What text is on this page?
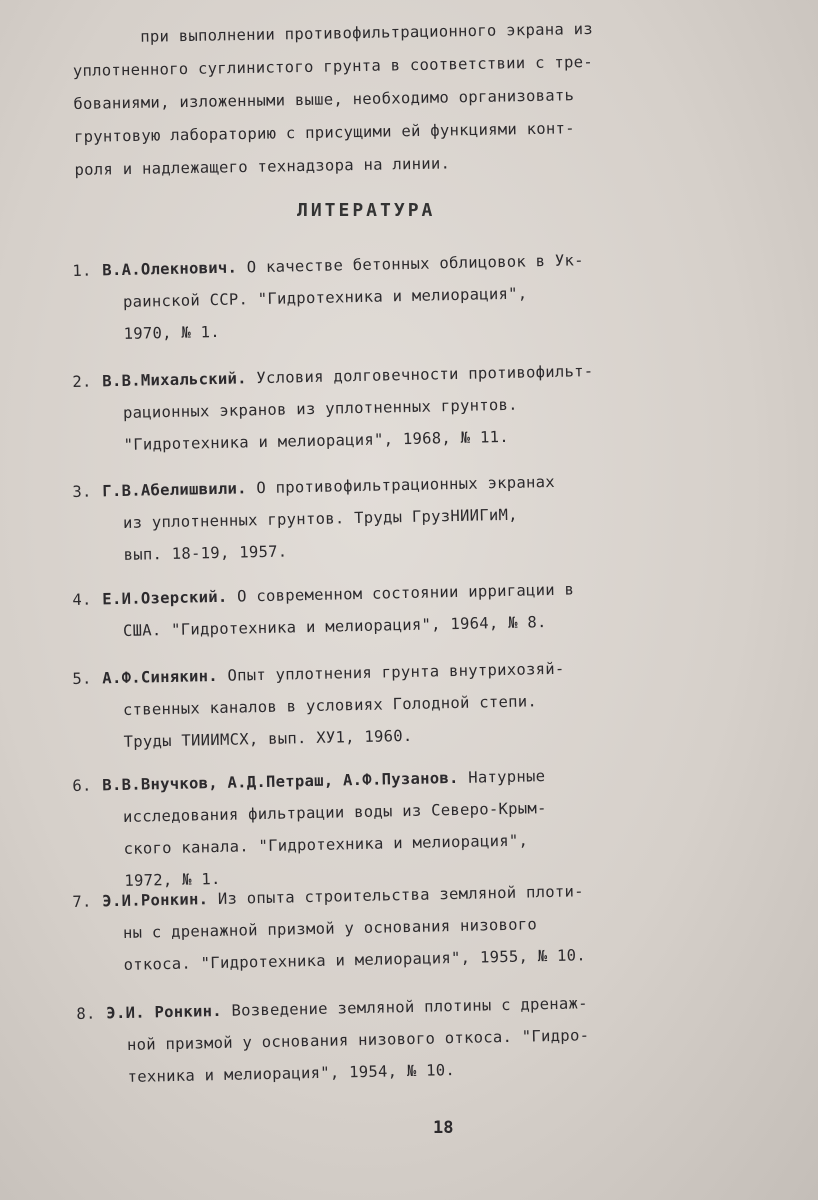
при выполнении противофильтрационного экрана из

уплотненного суглинистого грунта в соответствии с тре-

бованиями, изложенными выше, необходимо организовать

грунтовую лабораторию с присущими ей функциями конт-

роля и надлежащего технадзора на линии.

ЛИТЕРАТУРА
1. В.А.Олекнович. О качестве бетонных облицовок в Ук-
раинской ССР. "Гидротехника и мелиорация",
1970, № 1.
2. В.В.Михальский. Условия долговечности противофильт-
рационных экранов из уплотненных грунтов.
"Гидротехника и мелиорация", 1968, № 11.
3. Г.В.Абелишвили. О противофильтрационных экранах
из уплотненных грунтов. Труды ГрузНИИГиМ,
вып. 18-19, 1957.
4. Е.И.Озерский. О современном состоянии ирригации в
США. "Гидротехника и мелиорация", 1964, № 8.
5. А.Ф.Синякин. Опыт уплотнения грунта внутрихозяй-
ственных каналов в условиях Голодной степи.
Труды ТИИИМСХ, вып. ХУ1, 1960.
6. В.В.Внучков, А.Д.Петраш, А.Ф.Пузанов. Натурные
исследования фильтрации воды из Северо-Крым-
ского канала. "Гидротехника и мелиорация",
1972, № 1.
7. Э.И.Ронкин. Из опыта строительства земляной плоти-
ны с дренажной призмой у основания низового
откоса. "Гидротехника и мелиорация", 1955, № 10.
8. Э.И. Ронкин. Возведение земляной плотины с дренаж-
ной призмой у основания низового откоса. "Гидро-
техника и мелиорация", 1954, № 10.
18
